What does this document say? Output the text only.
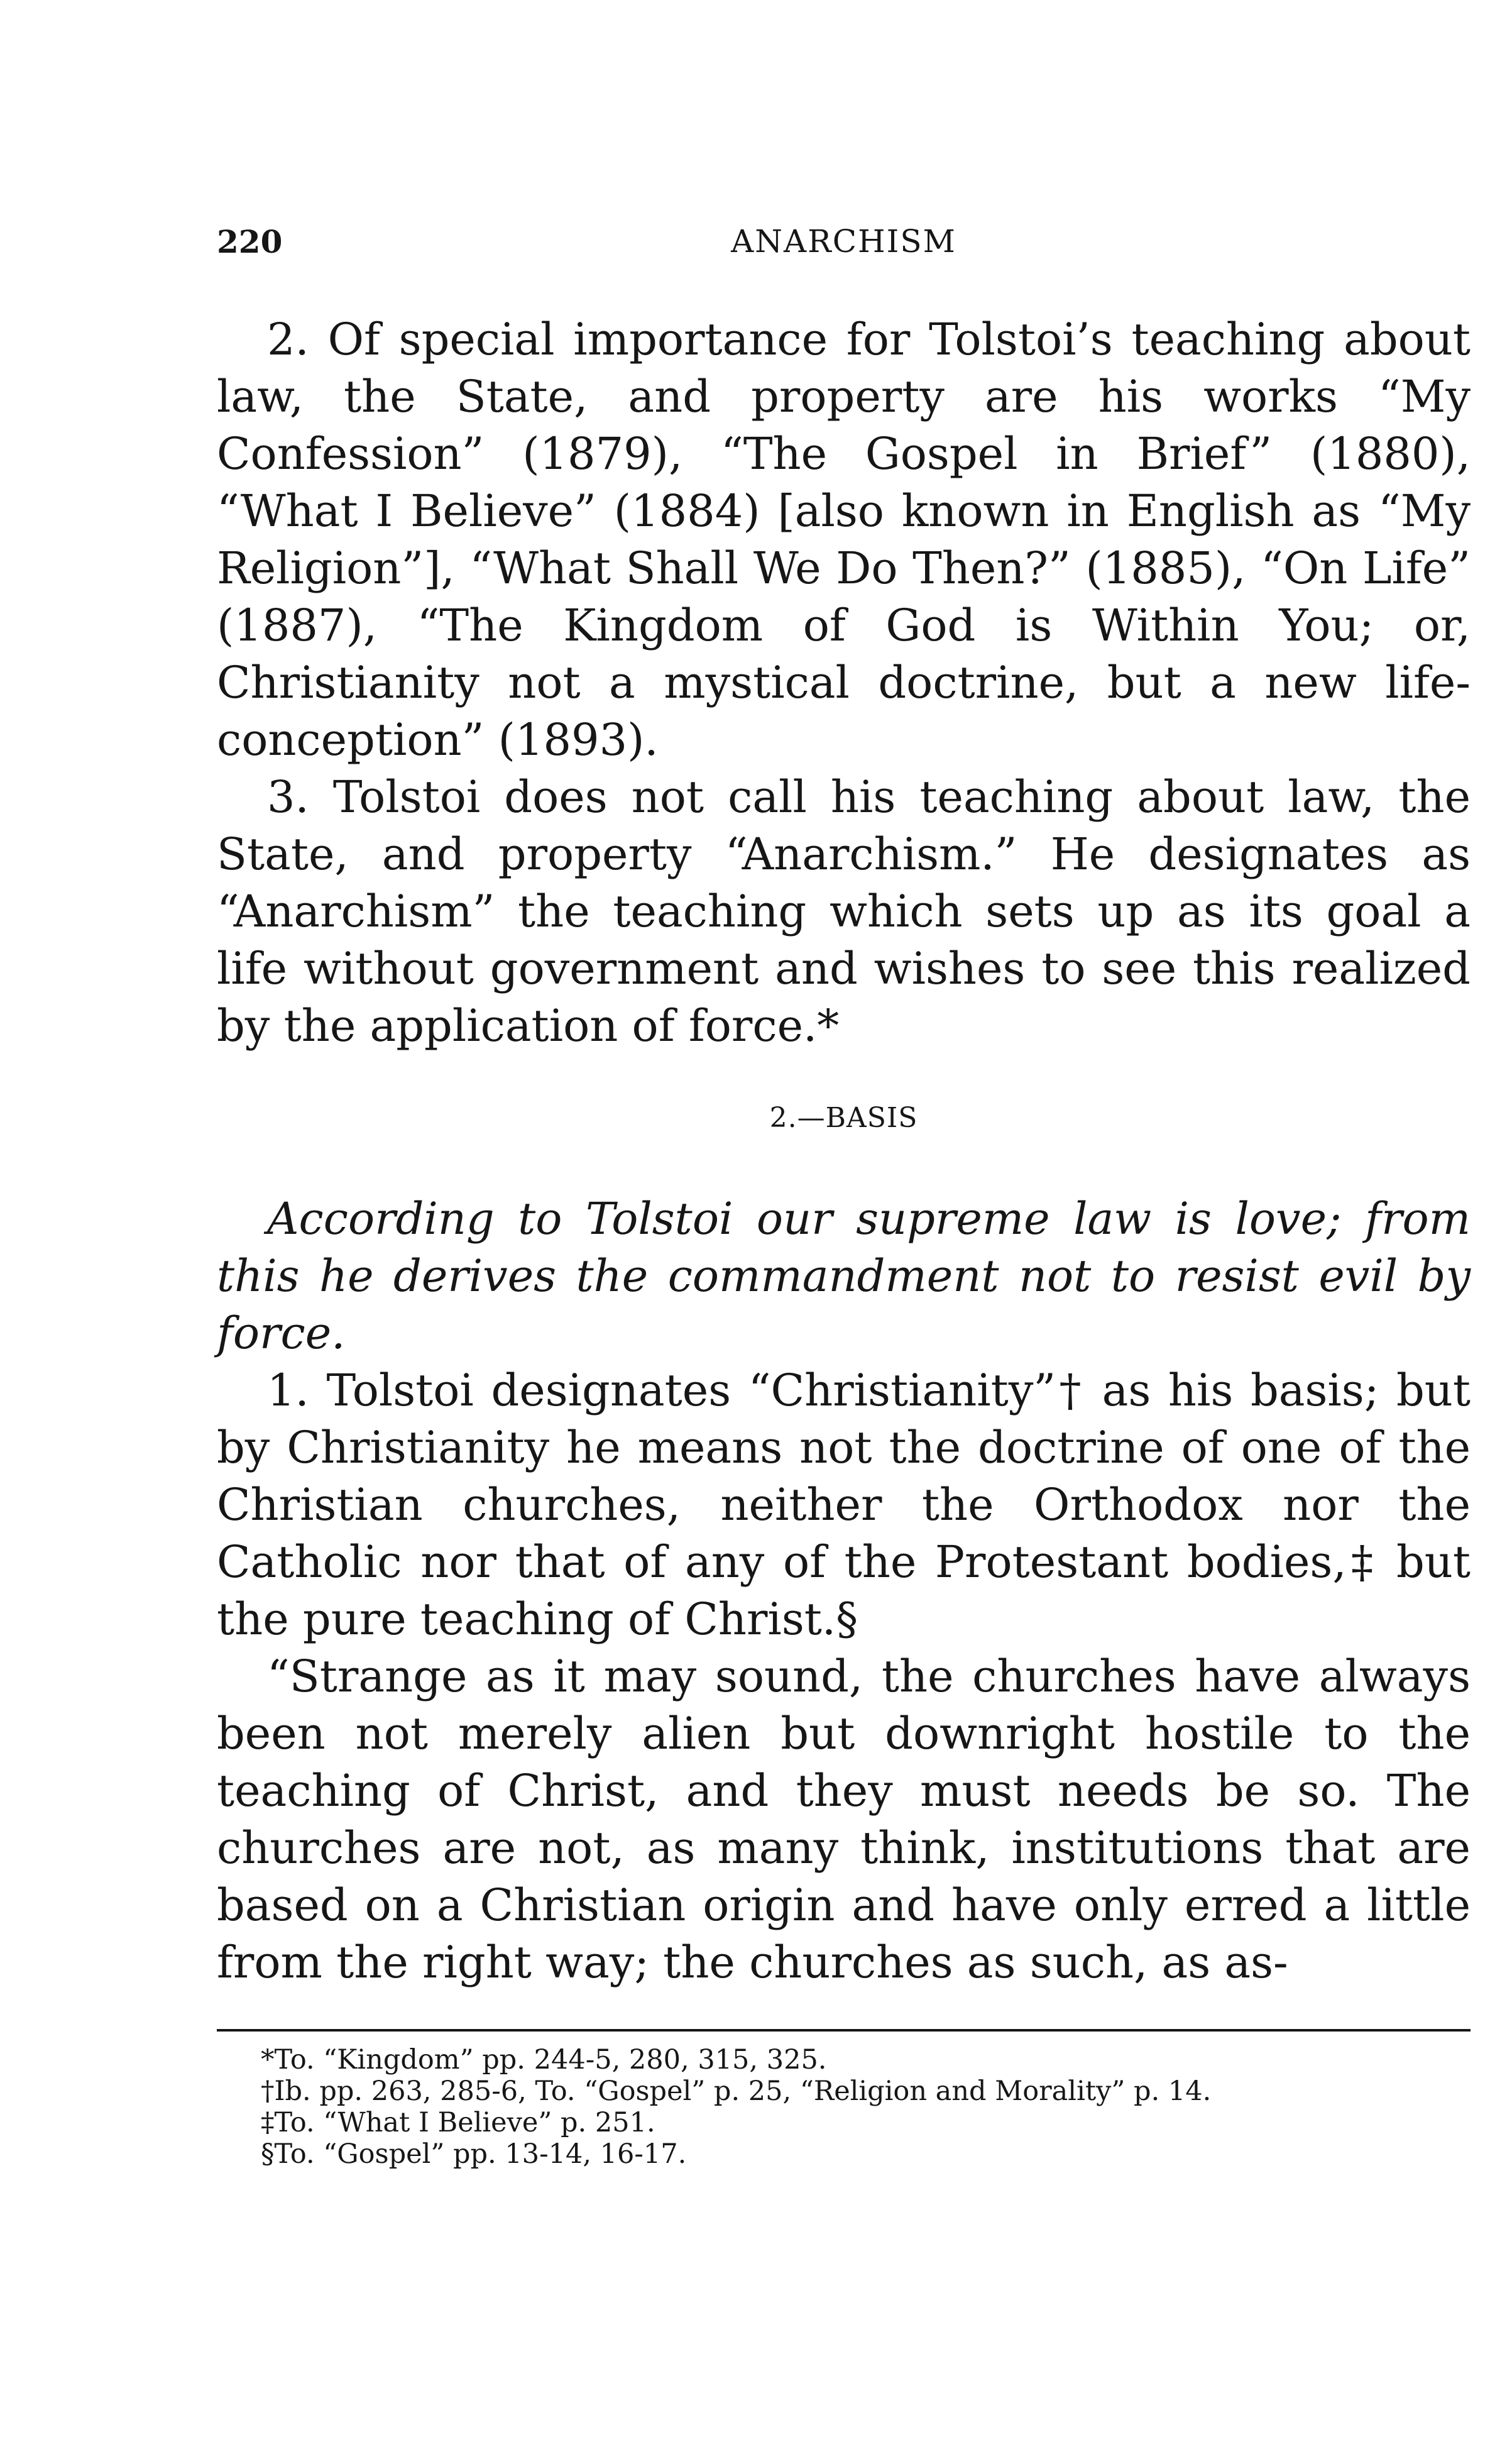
220	ANARCHISM

2. Of special importance for Tolstoi’s teaching about law, the State, and property are his works “My Confession” (1879), “The Gospel in Brief” (1880), “What I Believe” (1884) [also known in English as “My Religion”], “What Shall We Do Then?” (1885), “On Life” (1887), “The Kingdom of God is Within You; or, Christianity not a mystical doctrine, but a new life-conception” (1893).

3. Tolstoi does not call his teaching about law, the State, and property “Anarchism.” He designates as “Anarchism” the teaching which sets up as its goal a life without government and wishes to see this realized by the application of force.*

2.—BASIS

According to Tolstoi our supreme law is love; from this he derives the commandment not to resist evil by force.

1. Tolstoi designates “Christianity”† as his basis; but by Christianity he means not the doctrine of one of the Christian churches, neither the Orthodox nor the Catholic nor that of any of the Protestant bodies,‡ but the pure teaching of Christ.§

“Strange as it may sound, the churches have always been not merely alien but downright hostile to the teaching of Christ, and they must needs be so. The churches are not, as many think, institutions that are based on a Christian origin and have only erred a little from the right way; the churches as such, as as-

*To. “Kingdom” pp. 244-5, 280, 315, 325.

†Ib. pp. 263, 285-6, To. “Gospel” p. 25, “Religion and Morality” p. 14.

‡To. “What I Believe” p. 251.

§To. “Gospel” pp. 13-14, 16-17.
